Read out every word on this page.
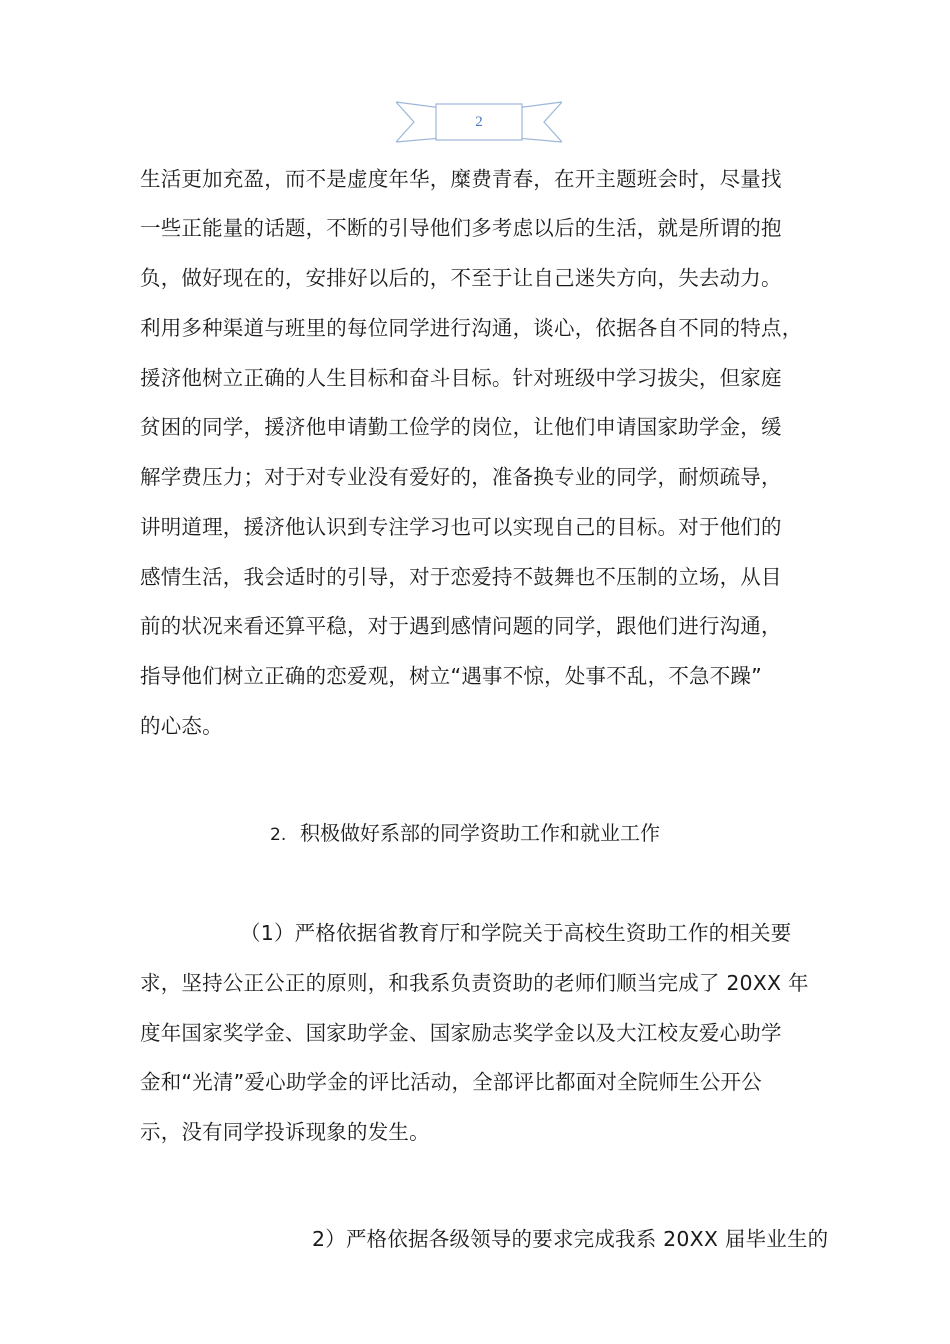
2
生活更加充盈，而不是虚度年华，糜费青春，在开主题班会时，尽量找
一些正能量的话题，不断的引导他们多考虑以后的生活，就是所谓的抱
负，做好现在的，安排好以后的，不至于让自己迷失方向，失去动力。
利用多种渠道与班里的每位同学进行沟通，谈心，依据各自不同的特点，
援济他树立正确的人生目标和奋斗目标。针对班级中学习拔尖，但家庭
贫困的同学，援济他申请勤工俭学的岗位，让他们申请国家助学金，缓
解学费压力；对于对专业没有爱好的，准备换专业的同学，耐烦疏导，
讲明道理，援济他认识到专注学习也可以实现自己的目标。对于他们的
感情生活，我会适时的引导，对于恋爱持不鼓舞也不压制的立场，从目
前的状况来看还算平稳，对于遇到感情问题的同学，跟他们进行沟通，
指导他们树立正确的恋爱观，树立“遇事不惊，处事不乱，不急不躁”
的心态。
2. 积极做好系部的同学资助工作和就业工作
（1）严格依据省教育厅和学院关于高校生资助工作的相关要
求，坚持公正公正的原则，和我系负责资助的老师们顺当完成了 20XX 年
度年国家奖学金、国家助学金、国家励志奖学金以及大江校友爱心助学
金和“光清”爱心助学金的评比活动，全部评比都面对全院师生公开公
示，没有同学投诉现象的发生。
2）严格依据各级领导的要求完成我系 20XX 届毕业生的
